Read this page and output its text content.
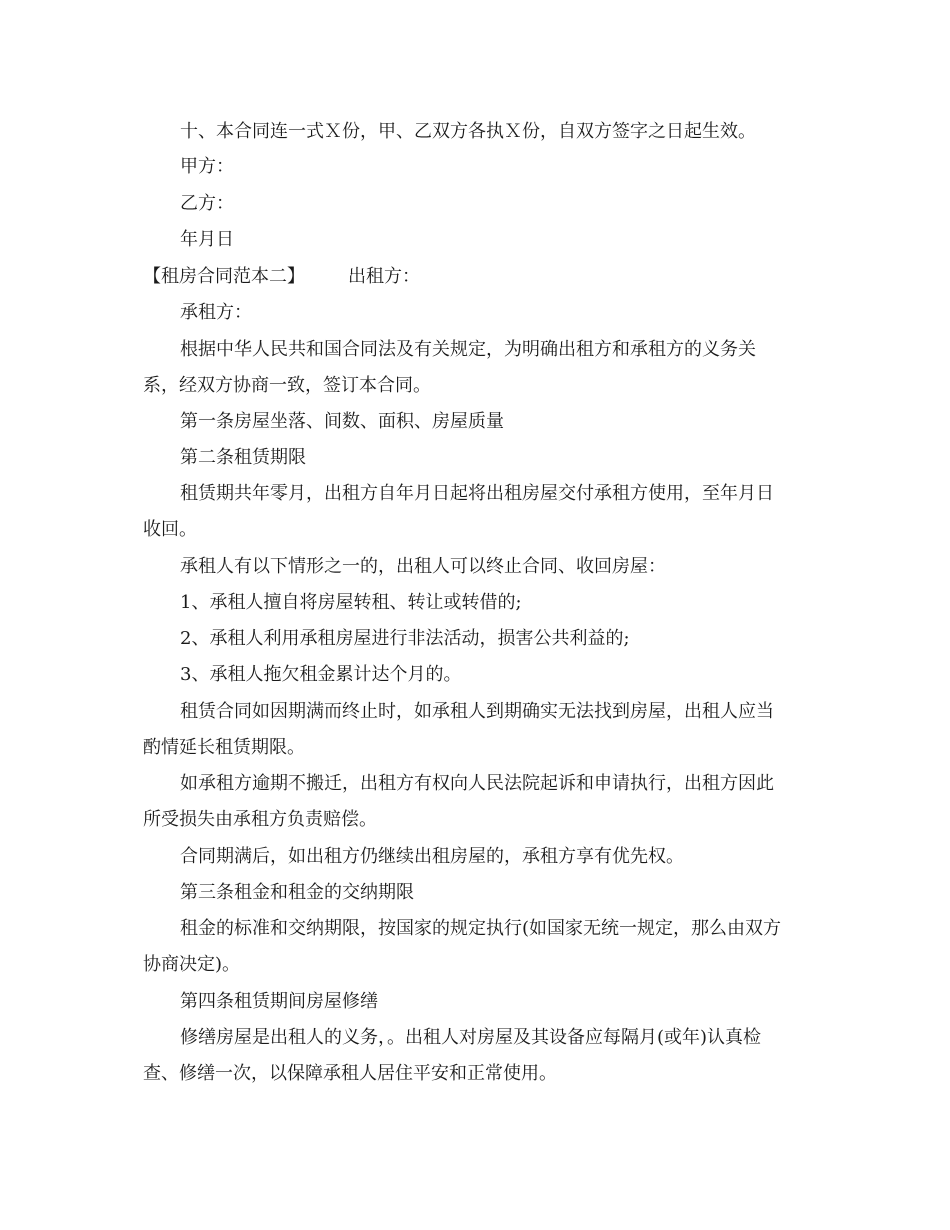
十、本合同连一式Ｘ份，甲、乙双方各执Ｘ份，自双方签字之日起生效。
甲方：
乙方：
年月日
【租房合同范本二】 出租方：
承租方：
根据中华人民共和国合同法及有关规定，为明确出租方和承租方的义务关
系，经双方协商一致，签订本合同。
第一条房屋坐落、间数、面积、房屋质量
第二条租赁期限
租赁期共年零月，出租方自年月日起将出租房屋交付承租方使用，至年月日
收回。
承租人有以下情形之一的，出租人可以终止合同、收回房屋：
1、承租人擅自将房屋转租、转让或转借的;
2、承租人利用承租房屋进行非法活动，损害公共利益的;
3、承租人拖欠租金累计达个月的。
租赁合同如因期满而终止时，如承租人到期确实无法找到房屋，出租人应当
酌情延长租赁期限。
如承租方逾期不搬迁，出租方有权向人民法院起诉和申请执行，出租方因此
所受损失由承租方负责赔偿。
合同期满后，如出租方仍继续出租房屋的，承租方享有优先权。
第三条租金和租金的交纳期限
租金的标准和交纳期限，按国家的规定执行(如国家无统一规定，那么由双方
协商决定)。
第四条租赁期间房屋修缮
修缮房屋是出租人的义务，。出租人对房屋及其设备应每隔月(或年)认真检
查、修缮一次，以保障承租人居住平安和正常使用。
